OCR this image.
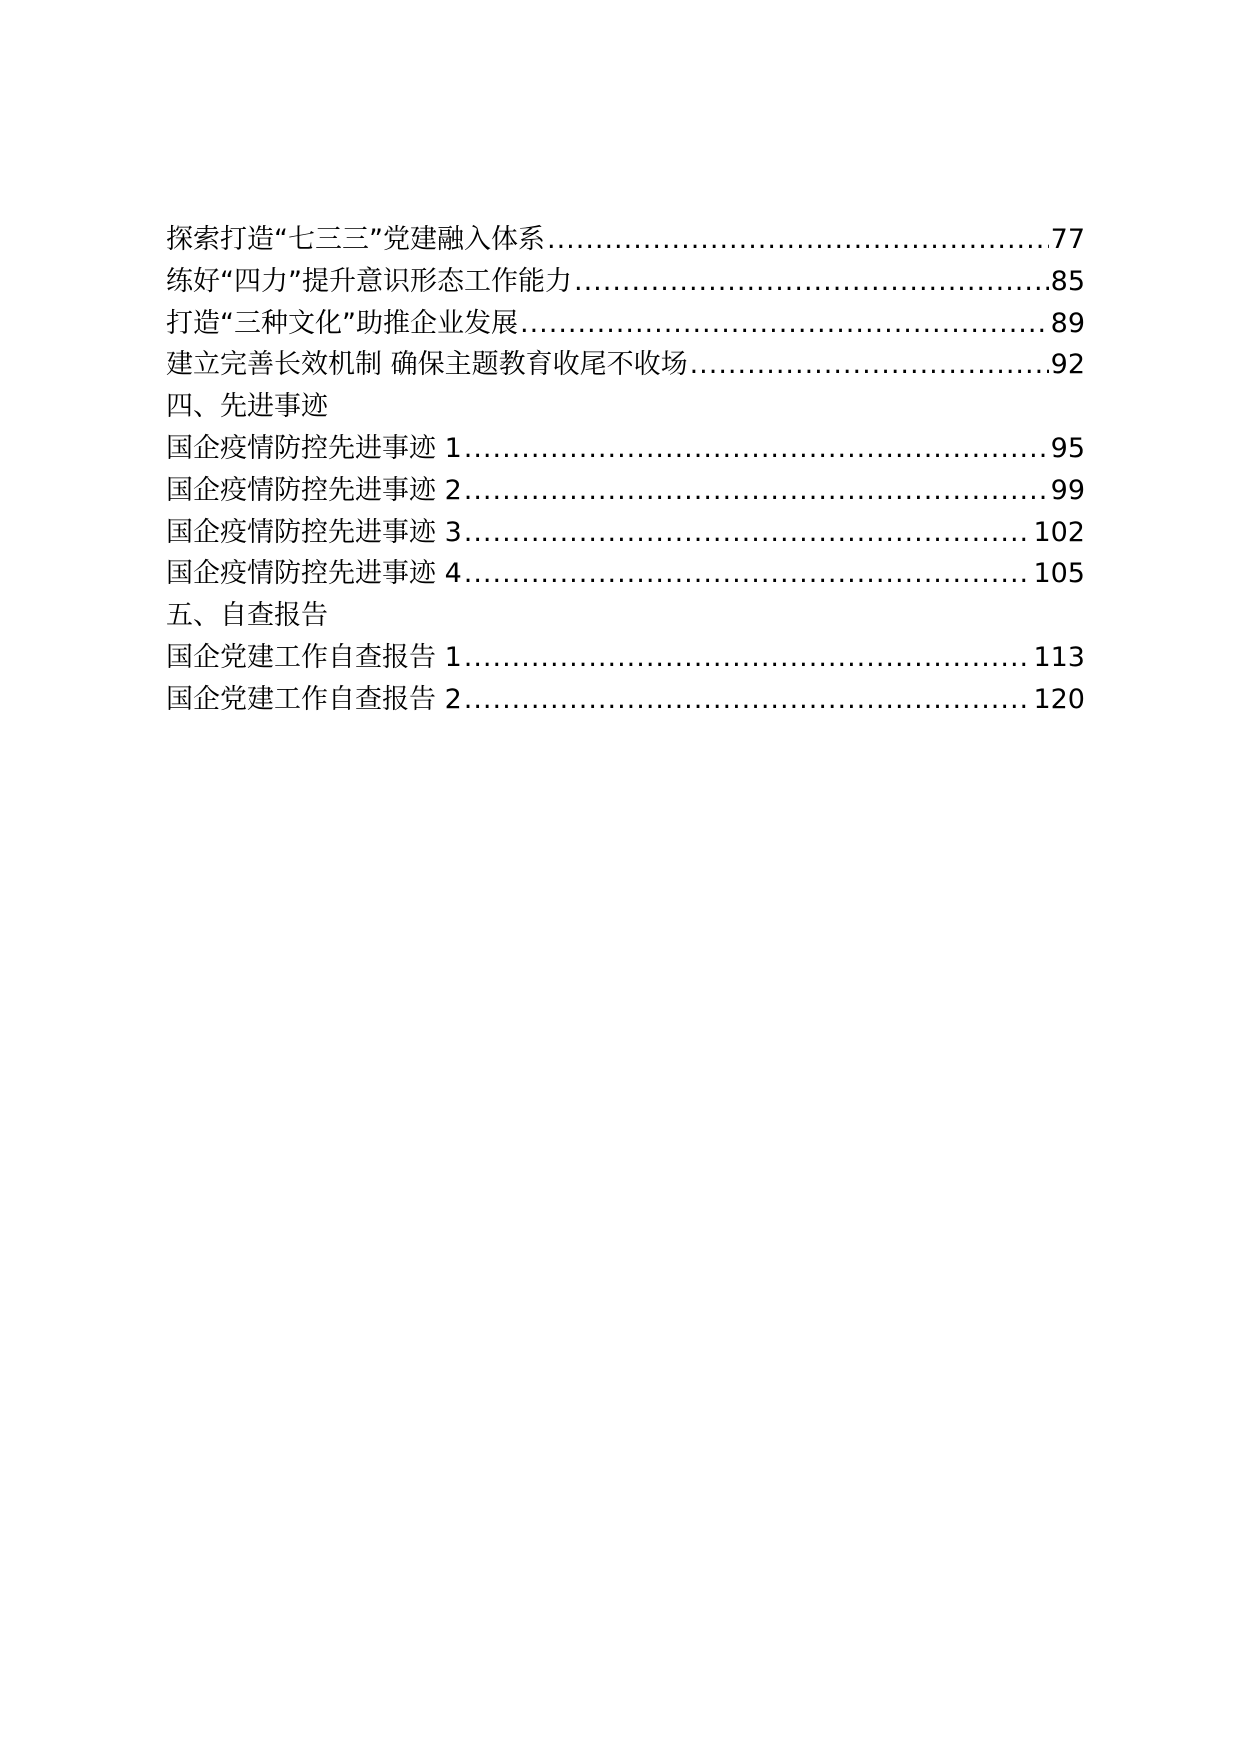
探索打造“七三三”党建融入体系 .....	77
练好“四力”提升意识形态工作能力 .....	85
打造“三种文化”助推企业发展 .....	89
建立完善长效机制 确保主题教育收尾不收场 .....	92
四、先进事迹
国企疫情防控先进事迹 1 .....	95
国企疫情防控先进事迹 2 .....	99
国企疫情防控先进事迹 3 .....	102
国企疫情防控先进事迹 4 .....	105
五、自查报告
国企党建工作自查报告 1 .....	113
国企党建工作自查报告 2 .....	120
